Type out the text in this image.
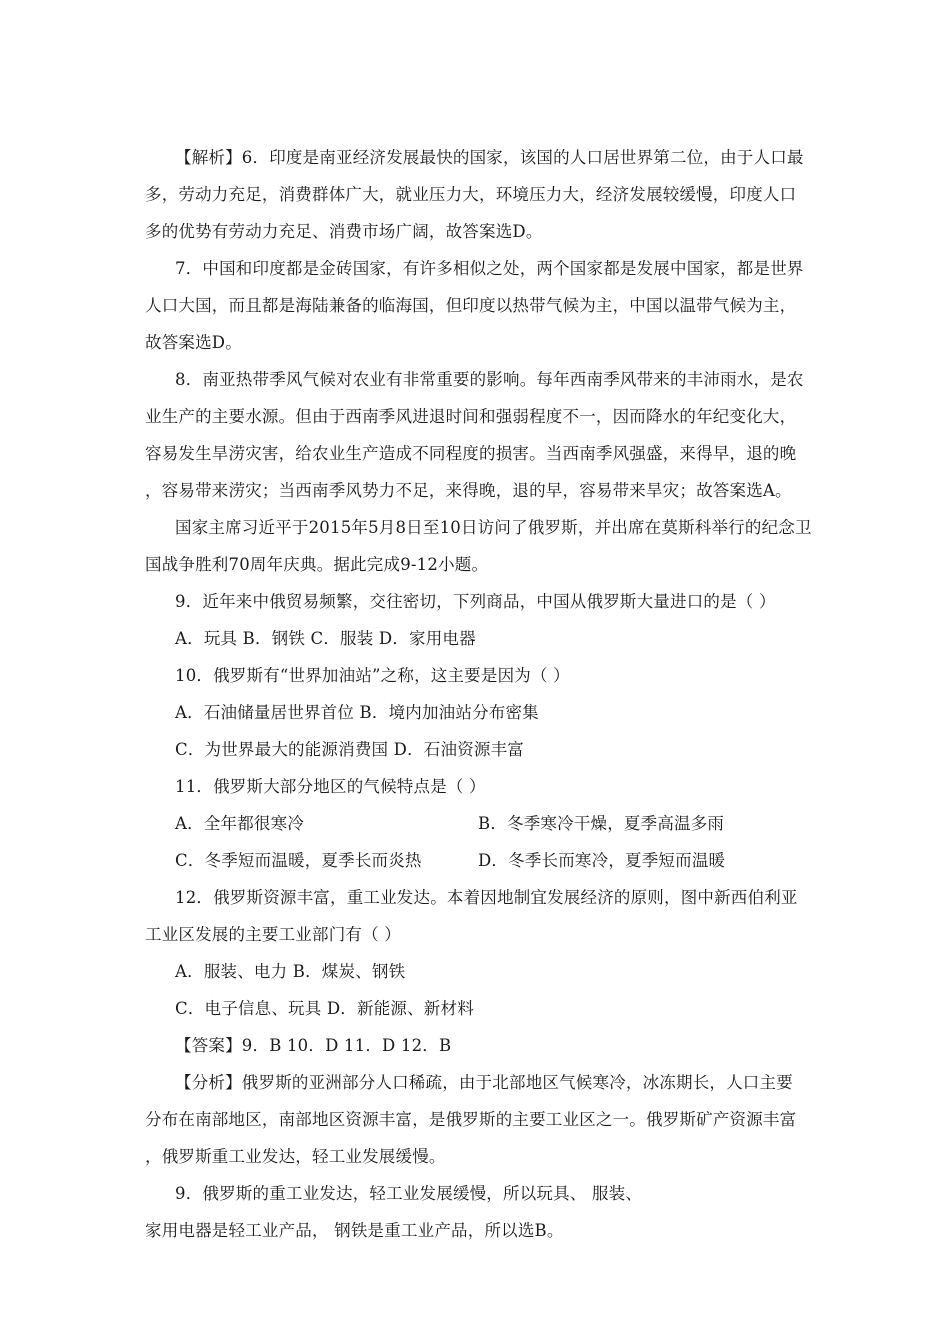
【解析】6．印度是南亚经济发展最快的国家，该国的人口居世界第二位，由于人口最
多，劳动力充足，消费群体广大，就业压力大，环境压力大，经济发展较缓慢，印度人口
多的优势有劳动力充足、消费市场广阔，故答案选D。
7．中国和印度都是金砖国家，有许多相似之处，两个国家都是发展中国家，都是世界
人口大国，而且都是海陆兼备的临海国，但印度以热带气候为主，中国以温带气候为主，
故答案选D。
8．南亚热带季风气候对农业有非常重要的影响。每年西南季风带来的丰沛雨水，是农
业生产的主要水源。但由于西南季风进退时间和强弱程度不一，因而降水的年纪变化大，
容易发生旱涝灾害，给农业生产造成不同程度的损害。当西南季风强盛，来得早，退的晚
，容易带来涝灾；当西南季风势力不足，来得晚，退的早，容易带来旱灾；故答案选A。
国家主席习近平于2015年5月8日至10日访问了俄罗斯，并出席在莫斯科举行的纪念卫
国战争胜利70周年庆典。据此完成9-12小题。
9．近年来中俄贸易频繁，交往密切，下列商品，中国从俄罗斯大量进口的是（ ）
A．玩具 B．钢铁 C．服装 D．家用电器
10．俄罗斯有“世界加油站”之称，这主要是因为（ ）
A．石油储量居世界首位 B．境内加油站分布密集
C．为世界最大的能源消费国 D．石油资源丰富
11．俄罗斯大部分地区的气候特点是（ ）
A．全年都很寒冷	B．冬季寒冷干燥，夏季高温多雨
C．冬季短而温暖，夏季长而炎热	D．冬季长而寒冷，夏季短而温暖
12．俄罗斯资源丰富，重工业发达。本着因地制宜发展经济的原则，图中新西伯利亚
工业区发展的主要工业部门有（ ）
A．服装、电力 B．煤炭、钢铁
C．电子信息、玩具 D．新能源、新材料
【答案】9．B 10．D 11．D 12．B
【分析】俄罗斯的亚洲部分人口稀疏，由于北部地区气候寒冷，冰冻期长，人口主要
分布在南部地区，南部地区资源丰富，是俄罗斯的主要工业区之一。俄罗斯矿产资源丰富
，俄罗斯重工业发达，轻工业发展缓慢。
9．俄罗斯的重工业发达，轻工业发展缓慢，所以玩具、 服装、
家用电器是轻工业产品， 钢铁是重工业产品，所以选B。
